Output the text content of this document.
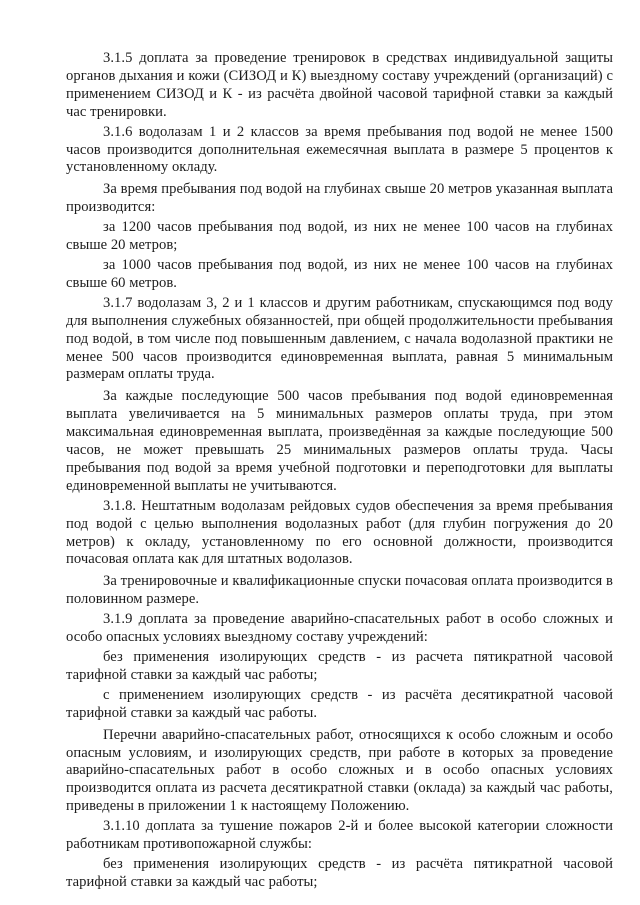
3.1.5 доплата за проведение тренировок в средствах индивидуальной защиты органов дыхания и кожи (СИЗОД и К) выездному составу учреждений (организаций) с применением СИЗОД и К - из расчёта двойной часовой тарифной ставки за каждый час тренировки.

3.1.6 водолазам 1 и 2 классов за время пребывания под водой не менее 1500 часов производится дополнительная ежемесячная выплата в размере 5 процентов к установленному окладу.

За время пребывания под водой на глубинах свыше 20 метров указанная выплата производится:

за 1200 часов пребывания под водой, из них не менее 100 часов на глубинах свыше 20 метров;

за 1000 часов пребывания под водой, из них не менее 100 часов на глубинах свыше 60 метров.

3.1.7 водолазам 3, 2 и 1 классов и другим работникам, спускающимся под воду для выполнения служебных обязанностей, при общей продолжительности пребывания под водой, в том числе под повышенным давлением, с начала водолазной практики не менее 500 часов производится единовременная выплата, равная 5 минимальным размерам оплаты труда.

За каждые последующие 500 часов пребывания под водой единовременная выплата увеличивается на 5 минимальных размеров оплаты труда, при этом максимальная единовременная выплата, произведённая за каждые последующие 500 часов, не может превышать 25 минимальных размеров оплаты труда. Часы пребывания под водой за время учебной подготовки и переподготовки для выплаты единовременной выплаты не учитываются.

3.1.8. Нештатным водолазам рейдовых судов обеспечения за время пребывания под водой с целью выполнения водолазных работ (для глубин погружения до 20 метров) к окладу, установленному по его основной должности, производится почасовая оплата как для штатных водолазов.

За тренировочные и квалификационные спуски почасовая оплата производится в половинном размере.

3.1.9 доплата за проведение аварийно-спасательных работ в особо сложных и особо опасных условиях выездному составу учреждений:

без применения изолирующих средств - из расчета пятикратной часовой тарифной ставки за каждый час работы;

с применением изолирующих средств - из расчёта десятикратной часовой тарифной ставки за каждый час работы.

Перечни аварийно-спасательных работ, относящихся к особо сложным и особо опасным условиям, и изолирующих средств, при работе в которых за проведение аварийно-спасательных работ в особо сложных и в особо опасных условиях производится оплата из расчета десятикратной ставки (оклада) за каждый час работы, приведены в приложении 1 к настоящему Положению.

3.1.10 доплата за тушение пожаров 2-й и более высокой категории сложности работникам противопожарной службы:

без применения изолирующих средств - из расчёта пятикратной часовой тарифной ставки за каждый час работы;
